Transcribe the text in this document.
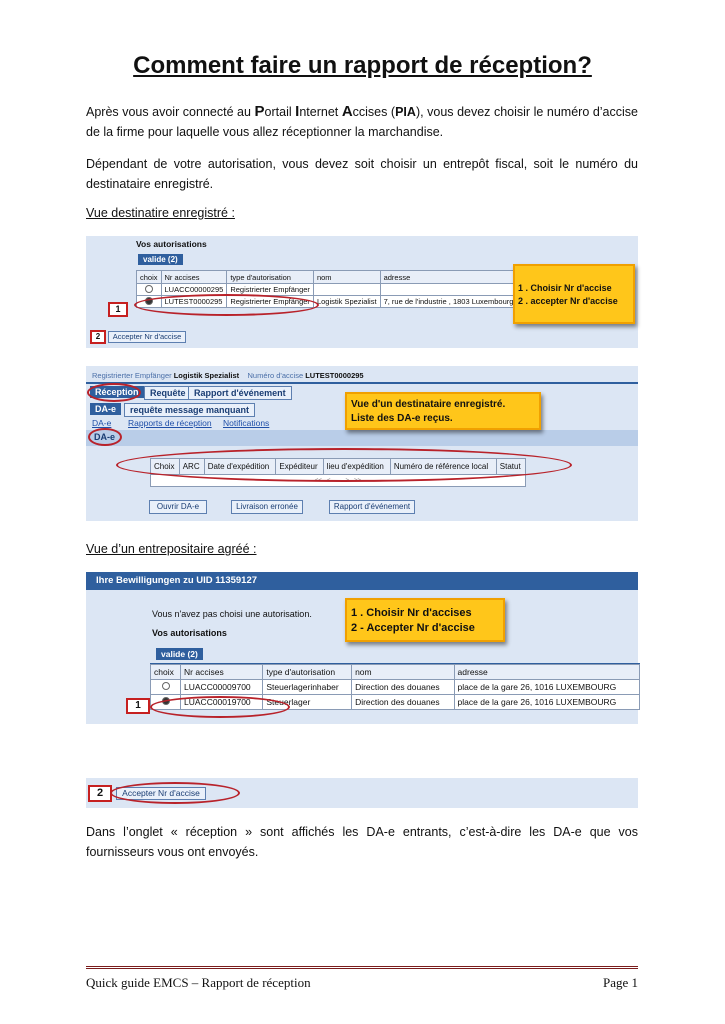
Comment faire un rapport de réception?
Après vous avoir connecté au Portail Internet Accises (PIA), vous devez choisir le numéro d’accise de la firme pour laquelle vous allez réceptionner la marchandise.
Dépendant de votre autorisation, vous devez soit choisir un entrepôt fiscal, soit le numéro du destinataire enregistré.
Vue destinatire enregistré :
Vos autorisations
valide (2)
choix	Nr accises	type d'autorisation	nom	adresse
	LUACC00000295	Registrierter Empfänger		
	LUTEST0000295	Registrierter Empfänger	Logistik Spezialist	7, rue de l'industrie , 1803 Luxembourg
1
1 . Choisir Nr d'accise
2 . accepter Nr d'accise
2	Accepter Nr d'accise
Registrierter Empfänger Logistik Spezialist Numéro d'accise LUTEST0000295
Réception	Requête Rapport d'événement
DA-e	requête message manquant
DA-e Rapports de réception Notifications
DA-e
Vue d'un destinataire enregistré.
Liste des DA-e reçus.
Choix	ARC	Date d'expédition	Expéditeur	lieu d'expédition	Numéro de référence local	Statut
<< <	> >>
Ouvrir DA-e	Livraison erronée	Rapport d'événement
Vue d’un entrepositaire agréé :
Ihre Bewilligungen zu UID 11359127
Vous n'avez pas choisi une autorisation.
Vos autorisations
valide (2)
choix	Nr accises	type d'autorisation	nom	adresse
	LUACC00009700	Steuerlagerinhaber	Direction des douanes	place de la gare 26, 1016 LUXEMBOURG
	LUACC00019700	Steuerlager	Direction des douanes	place de la gare 26, 1016 LUXEMBOURG
1
1 . Choisir Nr d'accises
2 - Accepter Nr d'accise
2	Accepter Nr d'accise
Dans l’onglet « réception » sont affichés les DA-e entrants, c’est-à-dire les DA-e que vos fournisseurs vous ont envoyés.
Quick guide EMCS – Rapport de réception	Page 1
